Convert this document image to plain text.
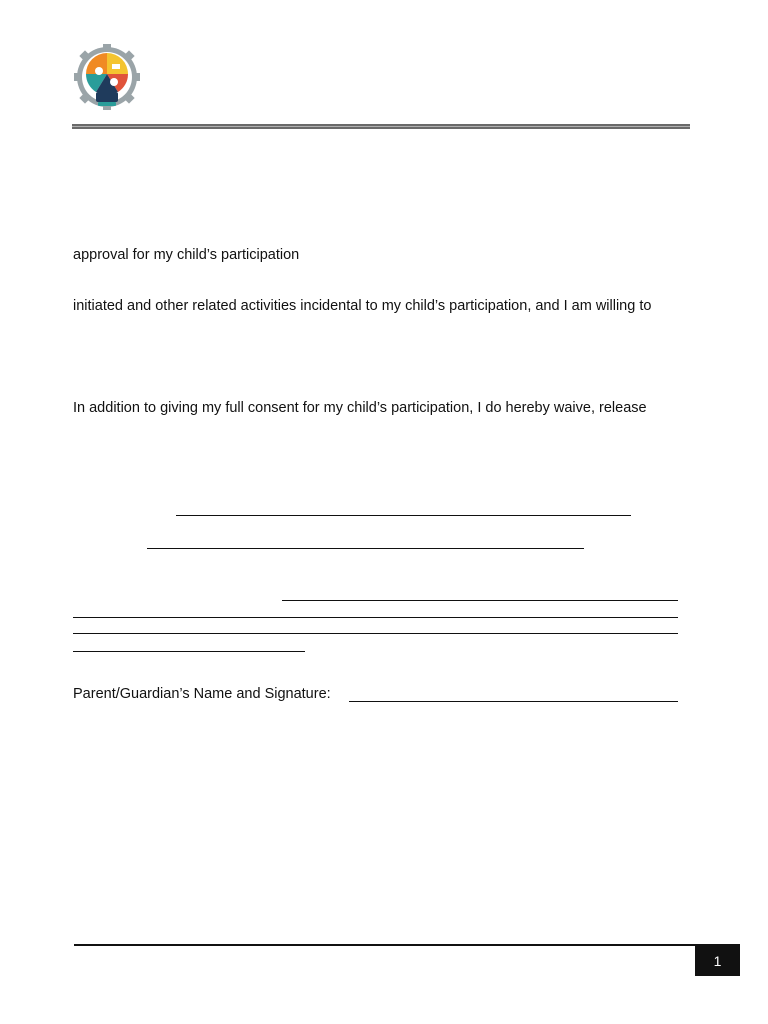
approval for my child’s participation
initiated and other related activities incidental to my child’s participation, and I am willing to
In addition to giving my full consent for my child’s participation, I do hereby waive, release
Parent/Guardian’s Name and Signature:
1
